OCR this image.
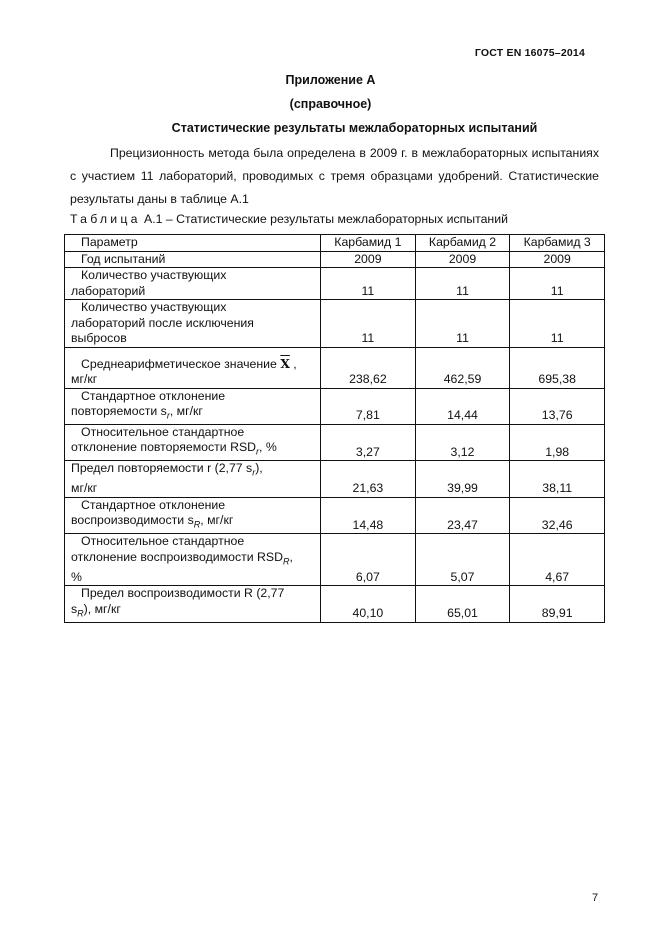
ГОСТ EN 16075–2014
Приложение А
(справочное)
Статистические результаты межлабораторных испытаний

Прецизионность метода была определена в 2009 г. в межлабораторных испытаниях с участием 11 лабораторий, проводимых с тремя образцами удобрений. Статистические результаты даны в таблице А.1

Таблица А.1 – Статистические результаты межлабораторных испытаний
Параметр	Карбамид 1	Карбамид 2	Карбамид 3
Год испытаний	2009	2009	2009

Количество участвующих
лабораторий	11	11	11

Количество участвующих
лабораторий после исключения
выбросов	11	11	11

Среднеарифметическое значение $\overline{X}$ ,
мг/кг	238,62	462,59	695,38

Стандартное отклонение
повторяемости $s_r$, мг/кг	7,81	14,44	13,76

Относительное стандартное
отклонение повторяемости $RSD_r$, %	3,27	3,12	1,98

Предел повторяемости r (2,77 $s_r$),
мг/кг	21,63	39,99	38,11

Стандартное отклонение
воспроизводимости $s_R$, мг/кг	14,48	23,47	32,46

Относительное стандартное
отклонение воспроизводимости $RSD_R$,
%	6,07	5,07	4,67

Предел воспроизводимости R (2,77
$s_R$), мг/кг	40,10	65,01	89,91
7
